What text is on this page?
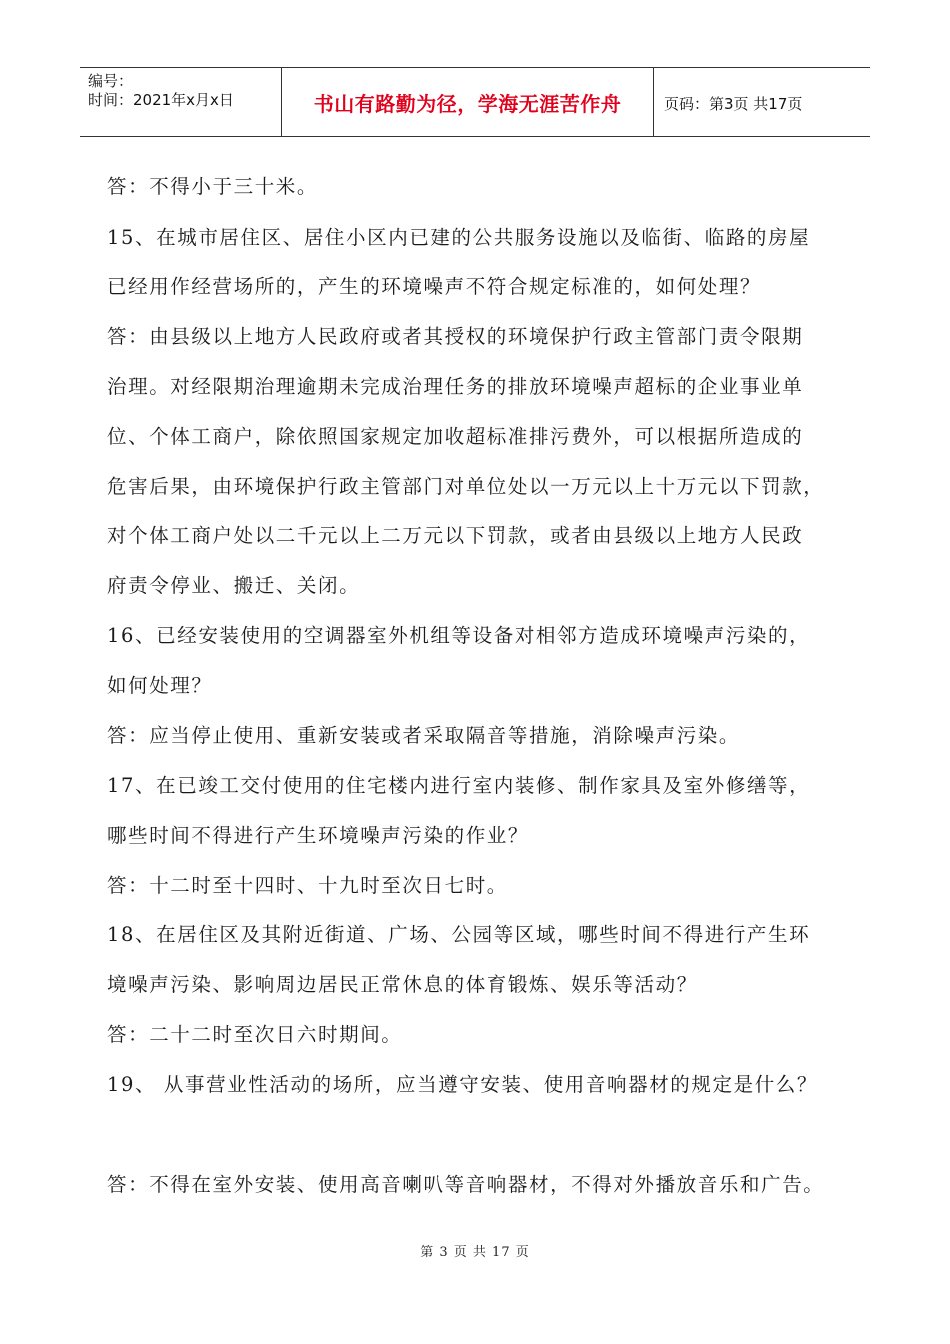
编号：
时间：2021年x月x日	书山有路勤为径，学海无涯苦作舟	页码：第3页 共17页
答：不得小于三十米。
15、在城市居住区、居住小区内已建的公共服务设施以及临街、临路的房屋
已经用作经营场所的，产生的环境噪声不符合规定标准的，如何处理？
答：由县级以上地方人民政府或者其授权的环境保护行政主管部门责令限期
治理。对经限期治理逾期未完成治理任务的排放环境噪声超标的企业事业单
位、个体工商户，除依照国家规定加收超标准排污费外，可以根据所造成的
危害后果，由环境保护行政主管部门对单位处以一万元以上十万元以下罚款，
对个体工商户处以二千元以上二万元以下罚款，或者由县级以上地方人民政
府责令停业、搬迁、关闭。
16、已经安装使用的空调器室外机组等设备对相邻方造成环境噪声污染的，
如何处理？
答：应当停止使用、重新安装或者采取隔音等措施，消除噪声污染。
17、在已竣工交付使用的住宅楼内进行室内装修、制作家具及室外修缮等，
哪些时间不得进行产生环境噪声污染的作业？
答：十二时至十四时、十九时至次日七时。
18、在居住区及其附近街道、广场、公园等区域，哪些时间不得进行产生环
境噪声污染、影响周边居民正常休息的体育锻炼、娱乐等活动？
答：二十二时至次日六时期间。
19、 从事营业性活动的场所，应当遵守安装、使用音响器材的规定是什么？
答：不得在室外安装、使用高音喇叭等音响器材，不得对外播放音乐和广告。
第 3 页 共 17 页
